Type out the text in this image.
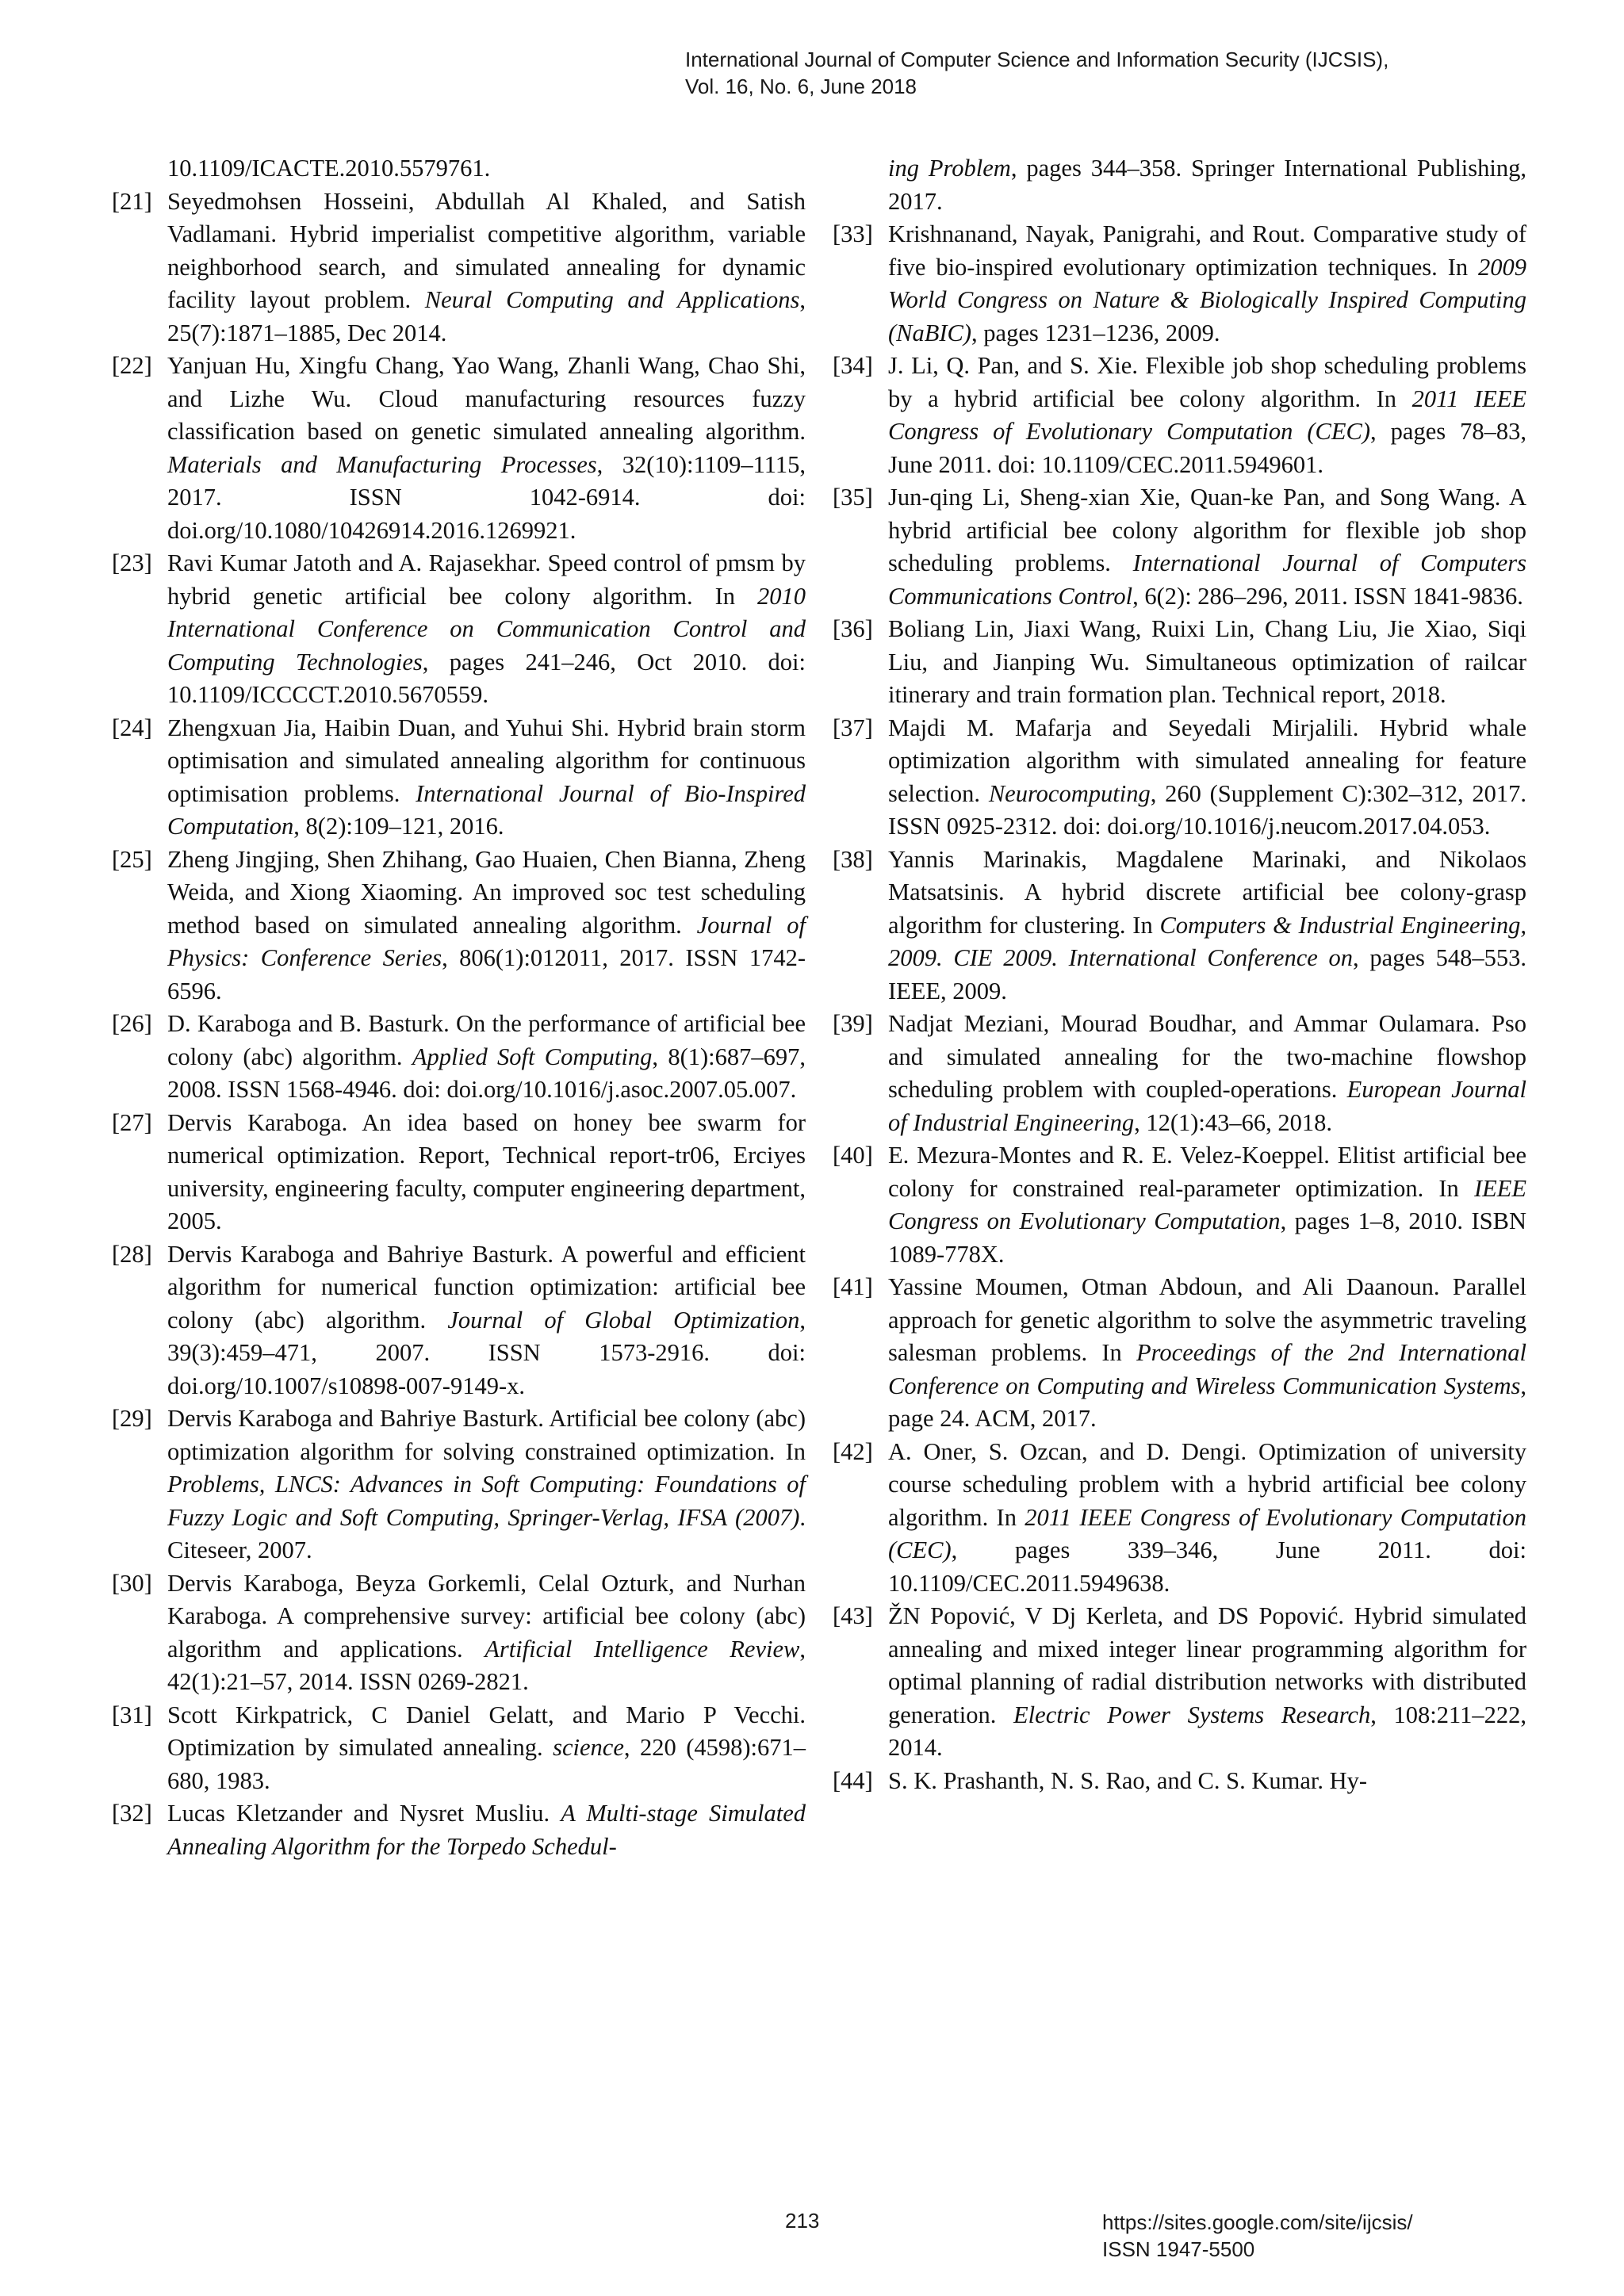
International Journal of Computer Science and Information Security (IJCSIS),
Vol. 16, No. 6, June 2018
10.1109/ICACTE.2010.5579761.
[21] Seyedmohsen Hosseini, Abdullah Al Khaled, and Satish Vadlamani. Hybrid imperialist competitive algorithm, variable neighborhood search, and simulated annealing for dynamic facility layout problem. Neural Computing and Applications, 25(7):1871–1885, Dec 2014.
[22] Yanjuan Hu, Xingfu Chang, Yao Wang, Zhanli Wang, Chao Shi, and Lizhe Wu. Cloud manufacturing resources fuzzy classification based on genetic simulated annealing algorithm. Materials and Manufacturing Processes, 32(10):1109–1115, 2017. ISSN 1042-6914. doi: doi.org/10.1080/10426914.2016.1269921.
[23] Ravi Kumar Jatoth and A. Rajasekhar. Speed control of pmsm by hybrid genetic artificial bee colony algorithm. In 2010 International Conference on Communication Control and Computing Technologies, pages 241–246, Oct 2010. doi: 10.1109/ICCCCT.2010.5670559.
[24] Zhengxuan Jia, Haibin Duan, and Yuhui Shi. Hybrid brain storm optimisation and simulated annealing algorithm for continuous optimisation problems. International Journal of Bio-Inspired Computation, 8(2):109–121, 2016.
[25] Zheng Jingjing, Shen Zhihang, Gao Huaien, Chen Bianna, Zheng Weida, and Xiong Xiaoming. An improved soc test scheduling method based on simulated annealing algorithm. Journal of Physics: Conference Series, 806(1):012011, 2017. ISSN 1742-6596.
[26] D. Karaboga and B. Basturk. On the performance of artificial bee colony (abc) algorithm. Applied Soft Computing, 8(1):687–697, 2008. ISSN 1568-4946. doi: doi.org/10.1016/j.asoc.2007.05.007.
[27] Dervis Karaboga. An idea based on honey bee swarm for numerical optimization. Report, Technical report-tr06, Erciyes university, engineering faculty, computer engineering department, 2005.
[28] Dervis Karaboga and Bahriye Basturk. A powerful and efficient algorithm for numerical function optimization: artificial bee colony (abc) algorithm. Journal of Global Optimization, 39(3):459–471, 2007. ISSN 1573-2916. doi: doi.org/10.1007/s10898-007-9149-x.
[29] Dervis Karaboga and Bahriye Basturk. Artificial bee colony (abc) optimization algorithm for solving constrained optimization. In Problems, LNCS: Advances in Soft Computing: Foundations of Fuzzy Logic and Soft Computing, Springer-Verlag, IFSA (2007). Citeseer, 2007.
[30] Dervis Karaboga, Beyza Gorkemli, Celal Ozturk, and Nurhan Karaboga. A comprehensive survey: artificial bee colony (abc) algorithm and applications. Artificial Intelligence Review, 42(1):21–57, 2014. ISSN 0269-2821.
[31] Scott Kirkpatrick, C Daniel Gelatt, and Mario P Vecchi. Optimization by simulated annealing. science, 220 (4598):671–680, 1983.
[32] Lucas Kletzander and Nysret Musliu. A Multi-stage Simulated Annealing Algorithm for the Torpedo Schedul-
ing Problem, pages 344–358. Springer International Publishing, 2017.
[33] Krishnanand, Nayak, Panigrahi, and Rout. Comparative study of five bio-inspired evolutionary optimization techniques. In 2009 World Congress on Nature & Biologically Inspired Computing (NaBIC), pages 1231–1236, 2009.
[34] J. Li, Q. Pan, and S. Xie. Flexible job shop scheduling problems by a hybrid artificial bee colony algorithm. In 2011 IEEE Congress of Evolutionary Computation (CEC), pages 78–83, June 2011. doi: 10.1109/CEC.2011.5949601.
[35] Jun-qing Li, Sheng-xian Xie, Quan-ke Pan, and Song Wang. A hybrid artificial bee colony algorithm for flexible job shop scheduling problems. International Journal of Computers Communications Control, 6(2): 286–296, 2011. ISSN 1841-9836.
[36] Boliang Lin, Jiaxi Wang, Ruixi Lin, Chang Liu, Jie Xiao, Siqi Liu, and Jianping Wu. Simultaneous optimization of railcar itinerary and train formation plan. Technical report, 2018.
[37] Majdi M. Mafarja and Seyedali Mirjalili. Hybrid whale optimization algorithm with simulated annealing for feature selection. Neurocomputing, 260 (Supplement C):302–312, 2017. ISSN 0925-2312. doi: doi.org/10.1016/j.neucom.2017.04.053.
[38] Yannis Marinakis, Magdalene Marinaki, and Nikolaos Matsatsinis. A hybrid discrete artificial bee colony-grasp algorithm for clustering. In Computers & Industrial Engineering, 2009. CIE 2009. International Conference on, pages 548–553. IEEE, 2009.
[39] Nadjat Meziani, Mourad Boudhar, and Ammar Oulamara. Pso and simulated annealing for the two-machine flowshop scheduling problem with coupled-operations. European Journal of Industrial Engineering, 12(1):43–66, 2018.
[40] E. Mezura-Montes and R. E. Velez-Koeppel. Elitist artificial bee colony for constrained real-parameter optimization. In IEEE Congress on Evolutionary Computation, pages 1–8, 2010. ISBN 1089-778X.
[41] Yassine Moumen, Otman Abdoun, and Ali Daanoun. Parallel approach for genetic algorithm to solve the asymmetric traveling salesman problems. In Proceedings of the 2nd International Conference on Computing and Wireless Communication Systems, page 24. ACM, 2017.
[42] A. Oner, S. Ozcan, and D. Dengi. Optimization of university course scheduling problem with a hybrid artificial bee colony algorithm. In 2011 IEEE Congress of Evolutionary Computation (CEC), pages 339–346, June 2011. doi: 10.1109/CEC.2011.5949638.
[43] ŽN Popović, V Dj Kerleta, and DS Popović. Hybrid simulated annealing and mixed integer linear programming algorithm for optimal planning of radial distribution networks with distributed generation. Electric Power Systems Research, 108:211–222, 2014.
[44] S. K. Prashanth, N. S. Rao, and C. S. Kumar. Hy-
213	https://sites.google.com/site/ijcsis/
ISSN 1947-5500
